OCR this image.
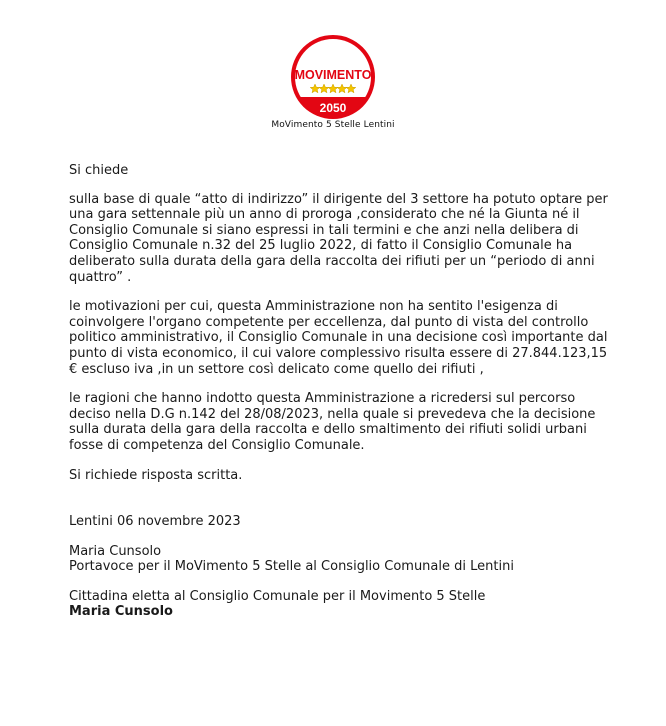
MOVIMENTO
2050
MoVimento 5 Stelle Lentini

Si chiede

sulla base di quale “atto di indirizzo” il dirigente del 3 settore ha potuto optare per una gara settennale più un anno di proroga ,considerato che né la Giunta né il Consiglio Comunale si siano espressi in tali termini e che anzi nella delibera di Consiglio Comunale n.32 del 25 luglio 2022, di fatto il Consiglio Comunale ha deliberato sulla durata della gara della raccolta dei rifiuti per un “periodo di anni quattro” .

le motivazioni per cui, questa Amministrazione non ha sentito l'esigenza di coinvolgere l'organo competente per eccellenza, dal punto di vista del controllo politico amministrativo, il Consiglio Comunale in una decisione così importante dal punto di vista economico, il cui valore complessivo risulta essere di 27.844.123,15 € escluso iva ,in un settore così delicato come quello dei rifiuti ,

le ragioni che hanno indotto questa Amministrazione a ricredersi sul percorso deciso nella D.G n.142 del 28/08/2023, nella quale si prevedeva che la decisione sulla durata della gara della raccolta e dello smaltimento dei rifiuti solidi urbani fosse di competenza del Consiglio Comunale.

Si richiede risposta scritta.

Lentini 06 novembre 2023

Maria Cunsolo

Portavoce per il MoVimento 5 Stelle al Consiglio Comunale di Lentini

Cittadina eletta al Consiglio Comunale per il Movimento 5 Stelle

Maria Cunsolo
